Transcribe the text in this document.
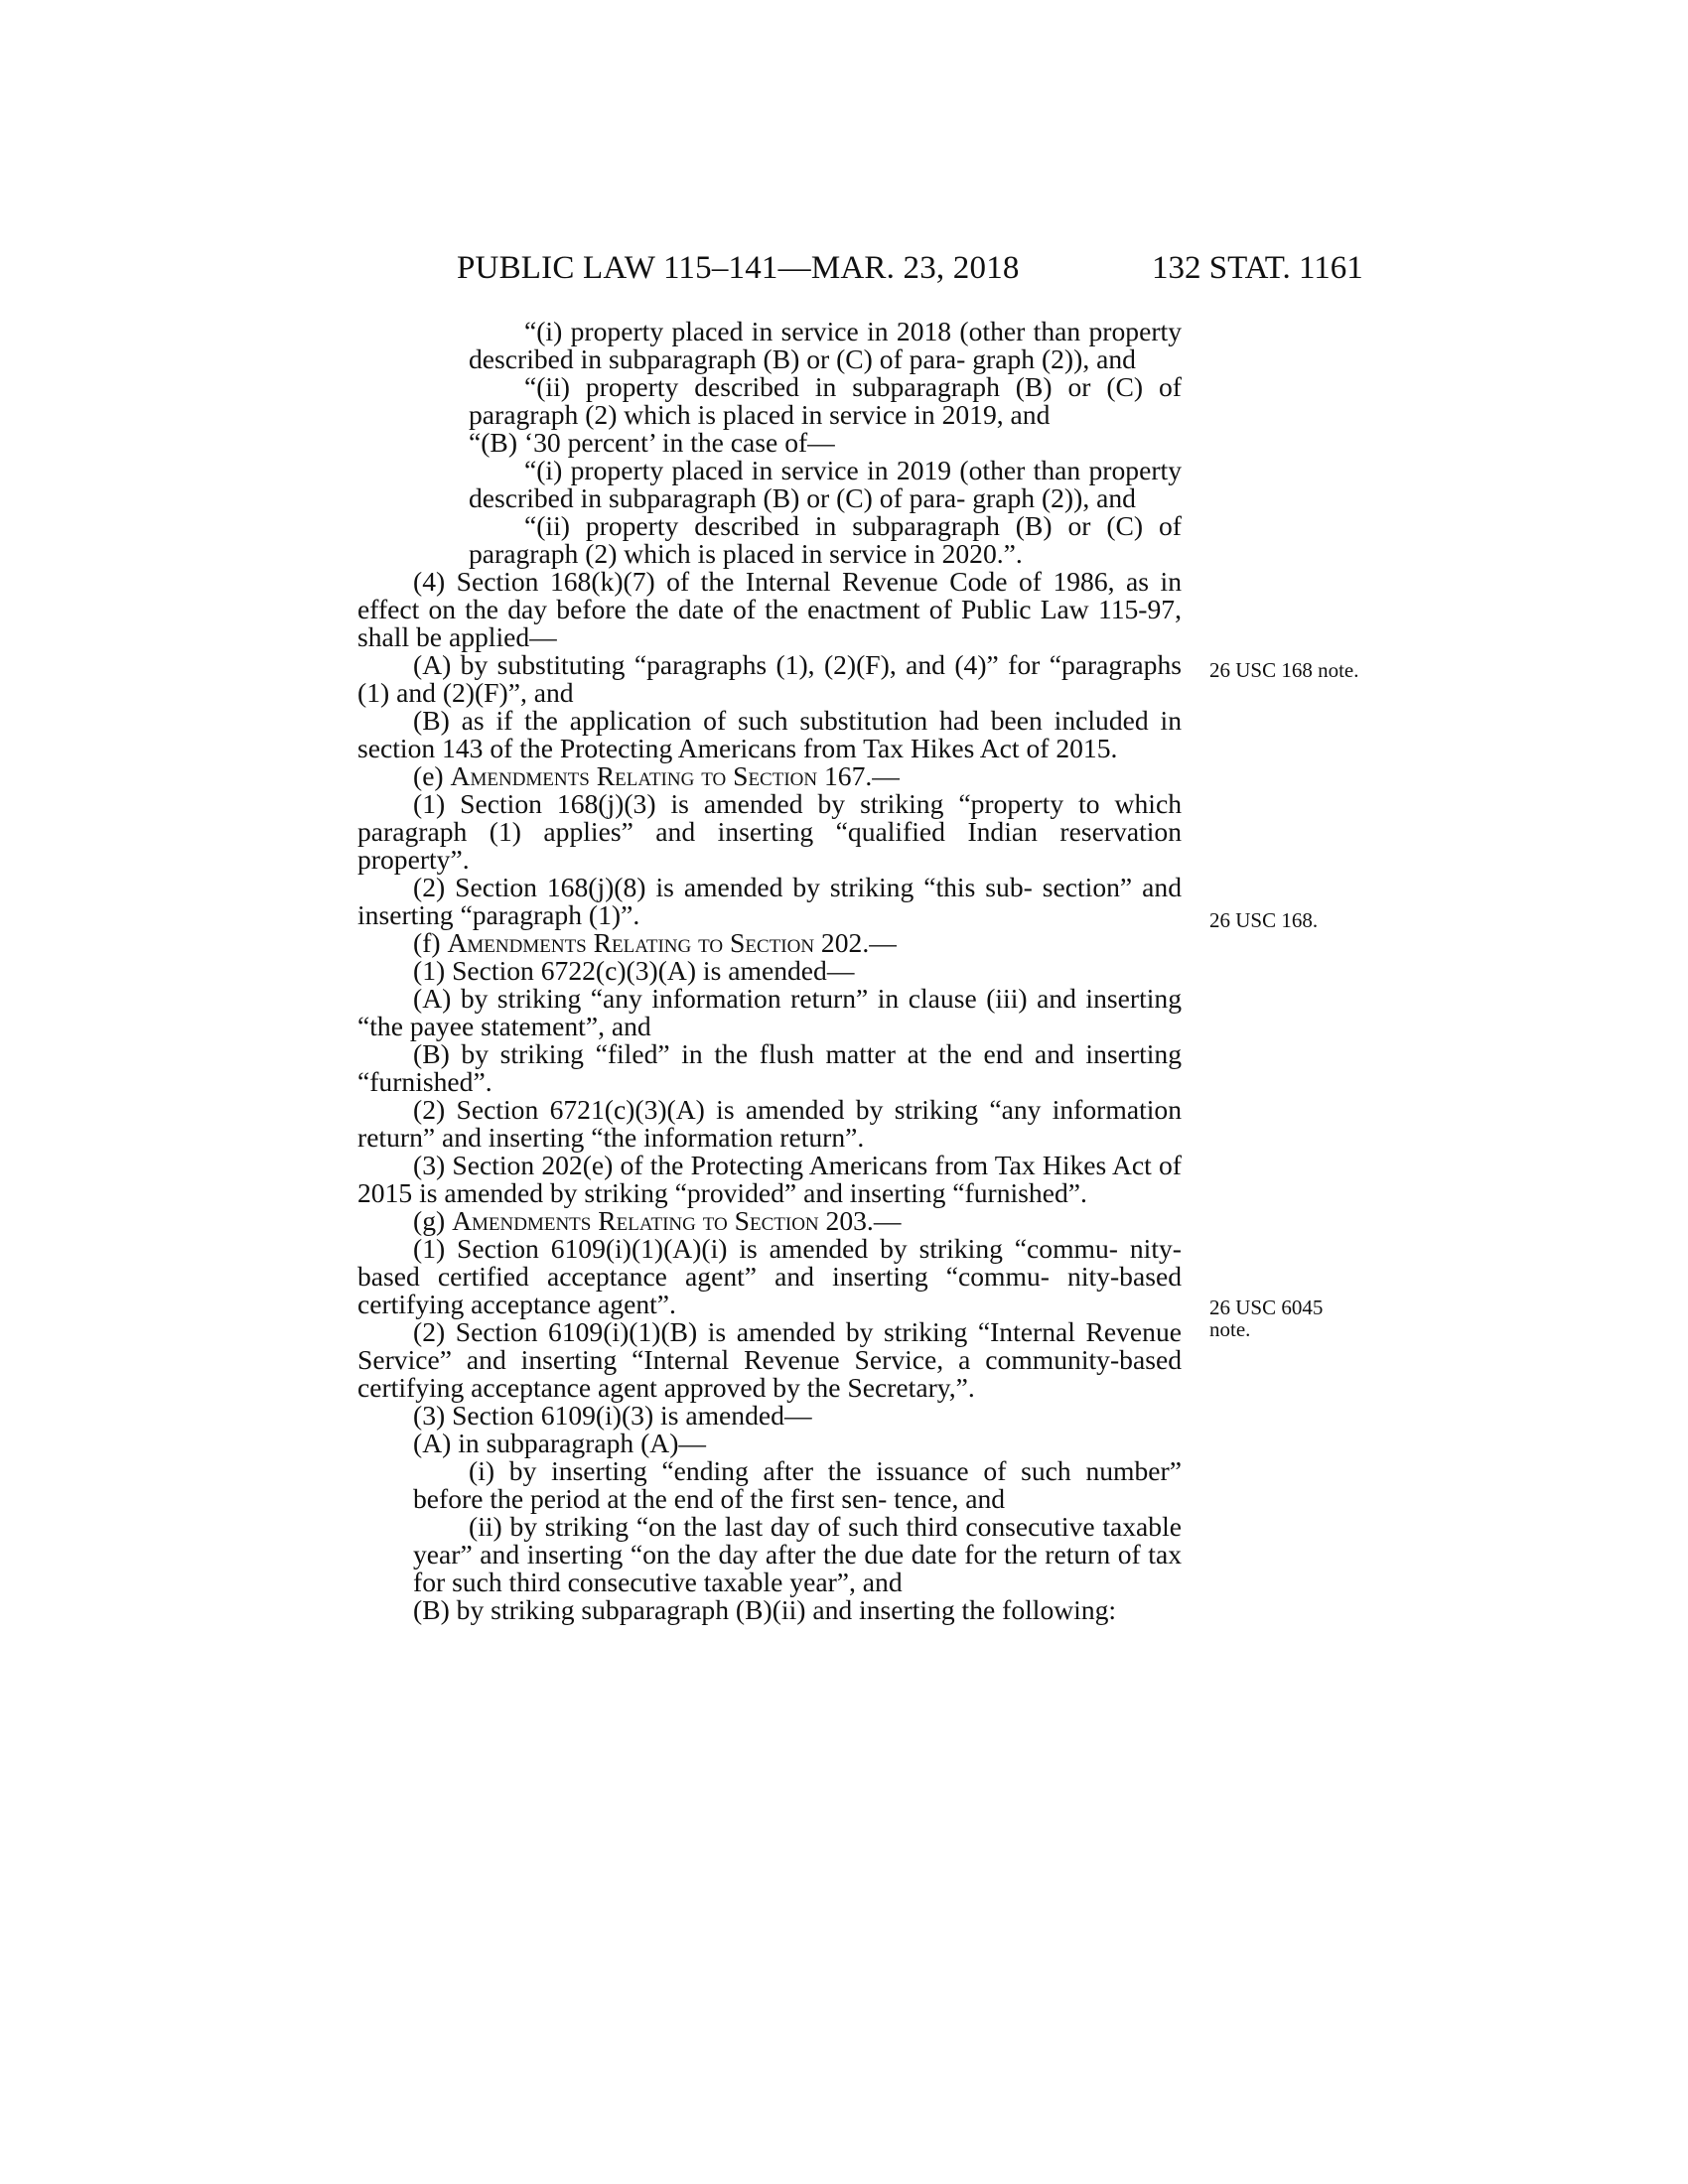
PUBLIC LAW 115–141—MAR. 23, 2018	132 STAT. 1161

“(i) property placed in service in 2018 (other than property described in subparagraph (B) or (C) of para- graph (2)), and

“(ii) property described in subparagraph (B) or (C) of paragraph (2) which is placed in service in 2019, and

“(B) ‘30 percent’ in the case of—

“(i) property placed in service in 2019 (other than property described in subparagraph (B) or (C) of para- graph (2)), and

“(ii) property described in subparagraph (B) or (C) of paragraph (2) which is placed in service in 2020.”.

(4) Section 168(k)(7) of the Internal Revenue Code of 1986, as in effect on the day before the date of the enactment of Public Law 115-97, shall be applied—

(A) by substituting “paragraphs (1), (2)(F), and (4)” for “paragraphs (1) and (2)(F)”, and

(B) as if the application of such substitution had been included in section 143 of the Protecting Americans from Tax Hikes Act of 2015.

(e) Amendments Relating to Section 167.—

(1) Section 168(j)(3) is amended by striking “property to which paragraph (1) applies” and inserting “qualified Indian reservation property”.

(2) Section 168(j)(8) is amended by striking “this sub- section” and inserting “paragraph (1)”.

(f) Amendments Relating to Section 202.—

(1) Section 6722(c)(3)(A) is amended—

(A) by striking “any information return” in clause (iii) and inserting “the payee statement”, and

(B) by striking “filed” in the flush matter at the end and inserting “furnished”.

(2) Section 6721(c)(3)(A) is amended by striking “any information return” and inserting “the information return”.

(3) Section 202(e) of the Protecting Americans from Tax Hikes Act of 2015 is amended by striking “provided” and inserting “furnished”.

(g) Amendments Relating to Section 203.—

(1) Section 6109(i)(1)(A)(i) is amended by striking “commu- nity-based certified acceptance agent” and inserting “commu- nity-based certifying acceptance agent”.

(2) Section 6109(i)(1)(B) is amended by striking “Internal Revenue Service” and inserting “Internal Revenue Service, a community-based certifying acceptance agent approved by the Secretary,”.

(3) Section 6109(i)(3) is amended—

(A) in subparagraph (A)—

(i) by inserting “ending after the issuance of such number” before the period at the end of the first sen- tence, and

(ii) by striking “on the last day of such third consecutive taxable year” and inserting “on the day after the due date for the return of tax for such third consecutive taxable year”, and

(B) by striking subparagraph (B)(ii) and inserting the following:

26 USC 168 note.
26 USC 168.
26 USC 6045
note.
